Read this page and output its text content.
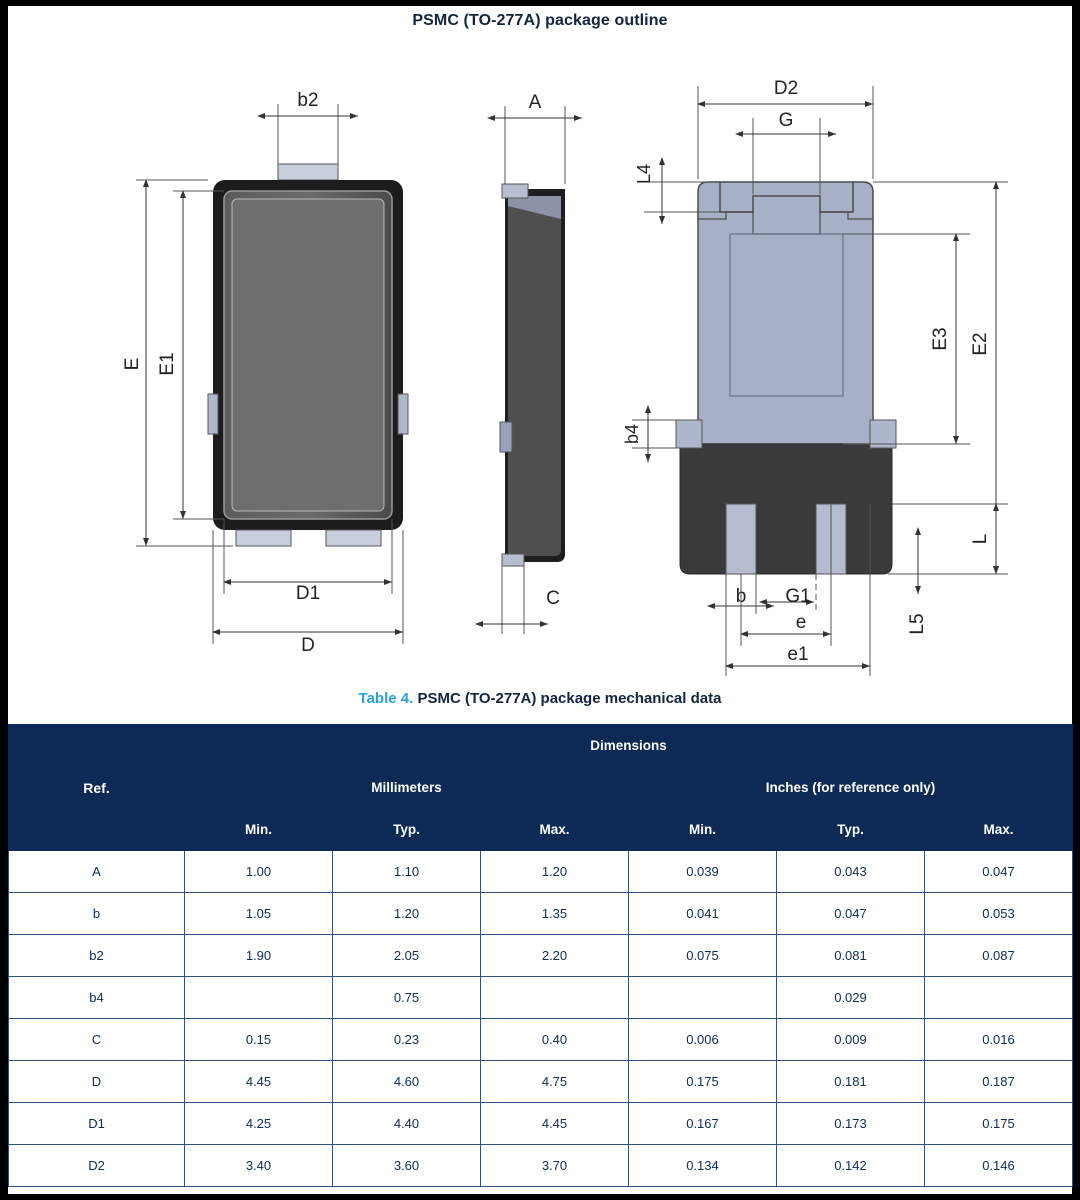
PSMC (TO-277A) package outline
b2
E E1
D1
D
A
C
D2
G
L4
E2
E3
b4
L
L5
b G1
e
e1
Table 4. PSMC (TO-277A) package mechanical data
Ref.	Dimensions					
	Millimeters			Inches (for reference only)		
	Min.	Typ.	Max.	Min.	Typ.	Max.
A	1.00	1.10	1.20	0.039	0.043	0.047
b	1.05	1.20	1.35	0.041	0.047	0.053
b2	1.90	2.05	2.20	0.075	0.081	0.087
b4		0.75			0.029	
C	0.15	0.23	0.40	0.006	0.009	0.016
D	4.45	4.60	4.75	0.175	0.181	0.187
D1	4.25	4.40	4.45	0.167	0.173	0.175
D2	3.40	3.60	3.70	0.134	0.142	0.146
